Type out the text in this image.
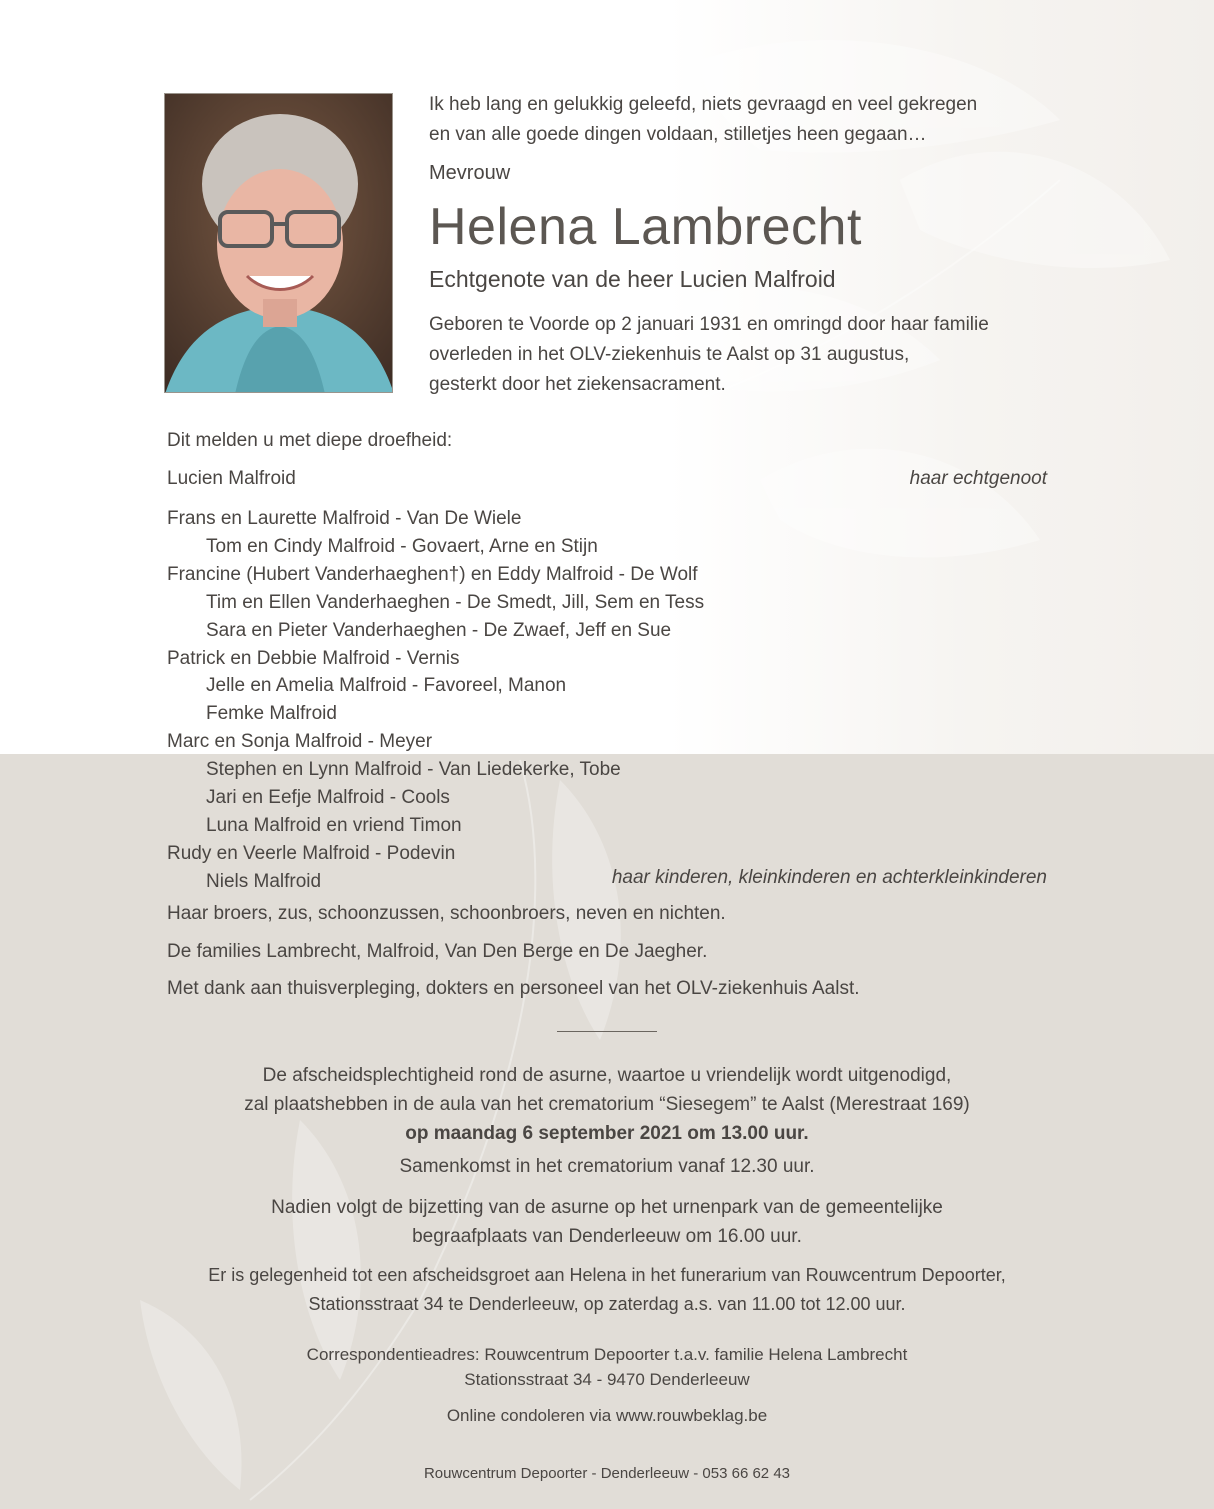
Ik heb lang en gelukkig geleefd, niets gevraagd en veel gekregen
en van alle goede dingen voldaan, stilletjes heen gegaan…
Mevrouw
Helena Lambrecht
Echtgenote van de heer Lucien Malfroid
Geboren te Voorde op 2 januari 1931 en omringd door haar familie
overleden in het OLV-ziekenhuis te Aalst op 31 augustus,
gesterkt door het ziekensacrament.
Dit melden u met diepe droefheid:
Lucien Malfroid	haar echtgenoot
Frans en Laurette Malfroid - Van De Wiele
Tom en Cindy Malfroid - Govaert, Arne en Stijn
Francine (Hubert Vanderhaeghen†) en Eddy Malfroid - De Wolf
Tim en Ellen Vanderhaeghen - De Smedt, Jill, Sem en Tess
Sara en Pieter Vanderhaeghen - De Zwaef, Jeff en Sue
Patrick en Debbie Malfroid - Vernis
Jelle en Amelia Malfroid - Favoreel, Manon
Femke Malfroid
Marc en Sonja Malfroid - Meyer
Stephen en Lynn Malfroid - Van Liedekerke, Tobe
Jari en Eefje Malfroid - Cools
Luna Malfroid en vriend Timon
Rudy en Veerle Malfroid - Podevin
Niels Malfroid	haar kinderen, kleinkinderen en achterkleinkinderen
Haar broers, zus, schoonzussen, schoonbroers, neven en nichten.
De families Lambrecht, Malfroid, Van Den Berge en De Jaegher.
Met dank aan thuisverpleging, dokters en personeel van het OLV-ziekenhuis Aalst.
De afscheidsplechtigheid rond de asurne, waartoe u vriendelijk wordt uitgenodigd,
zal plaatshebben in de aula van het crematorium “Siesegem” te Aalst (Merestraat 169)
op maandag 6 september 2021 om 13.00 uur.
Samenkomst in het crematorium vanaf 12.30 uur.
Nadien volgt de bijzetting van de asurne op het urnenpark van de gemeentelijke
begraafplaats van Denderleeuw om 16.00 uur.
Er is gelegenheid tot een afscheidsgroet aan Helena in het funerarium van Rouwcentrum Depoorter,
Stationsstraat 34 te Denderleeuw, op zaterdag a.s. van 11.00 tot 12.00 uur.
Correspondentieadres: Rouwcentrum Depoorter t.a.v. familie Helena Lambrecht
Stationsstraat 34 - 9470 Denderleeuw
Online condoleren via www.rouwbeklag.be
Rouwcentrum Depoorter - Denderleeuw - 053 66 62 43
